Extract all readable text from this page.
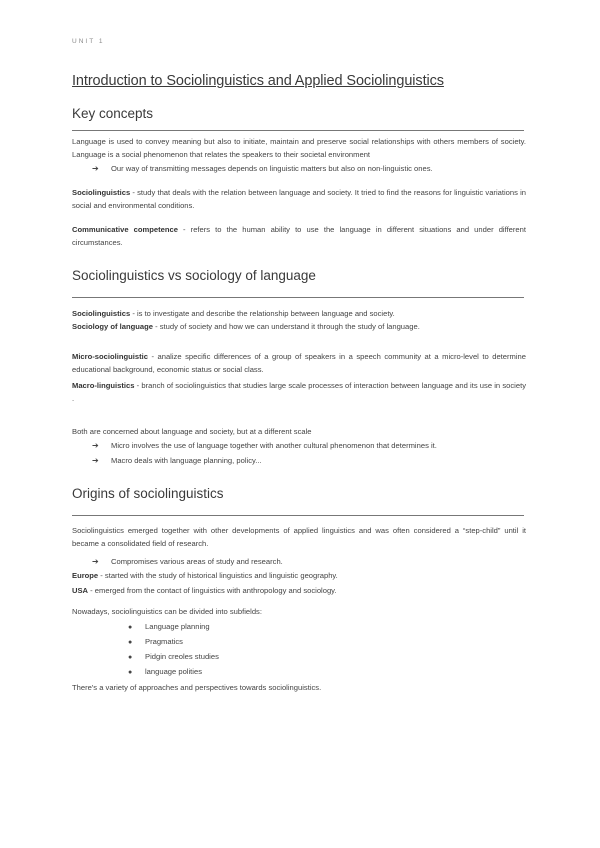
UNIT 1
Introduction to Sociolinguistics and Applied Sociolinguistics
Key concepts
Language is used to convey meaning but also to initiate, maintain and preserve social relationships with others members of society. Language is a social phenomenon that relates the speakers to their societal environment
➔ Our way of transmitting messages depends on linguistic matters but also on non-linguistic ones.
Sociolinguistics - study that deals with the relation between language and society. It tried to find the reasons for linguistic variations in social and environmental conditions.
Communicative competence - refers to the human ability to use the language in different situations and under different circumstances.
Sociolinguistics vs sociology of language
Sociolinguistics - is to investigate and describe the relationship between language and society.
Sociology of language - study of society and how we can understand it through the study of language.
Micro-sociolinguistic - analize specific differences of a group of speakers in a speech community at a micro-level to determine educational background, economic status or social class.
Macro-linguistics - branch of sociolinguistics that studies large scale processes of interaction between language and its use in society .
Both are concerned about language and society, but at a different scale
➔ Micro involves the use of language together with another cultural phenomenon that determines it.
➔ Macro deals with language planning, policy...
Origins of sociolinguistics
Sociolinguistics emerged together with other developments of applied linguistics and was often considered a “step-child” until it became a consolidated field of research.
➔ Compromises various areas of study and research.
Europe - started with the study of historical linguistics and linguistic geography.
USA - emerged from the contact of linguistics with anthropology and sociology.
Nowadays, sociolinguistics can be divided into subfields:
● Language planning
● Pragmatics
● Pidgin creoles studies
● language polities
There's a variety of approaches and perspectives towards sociolinguistics.
